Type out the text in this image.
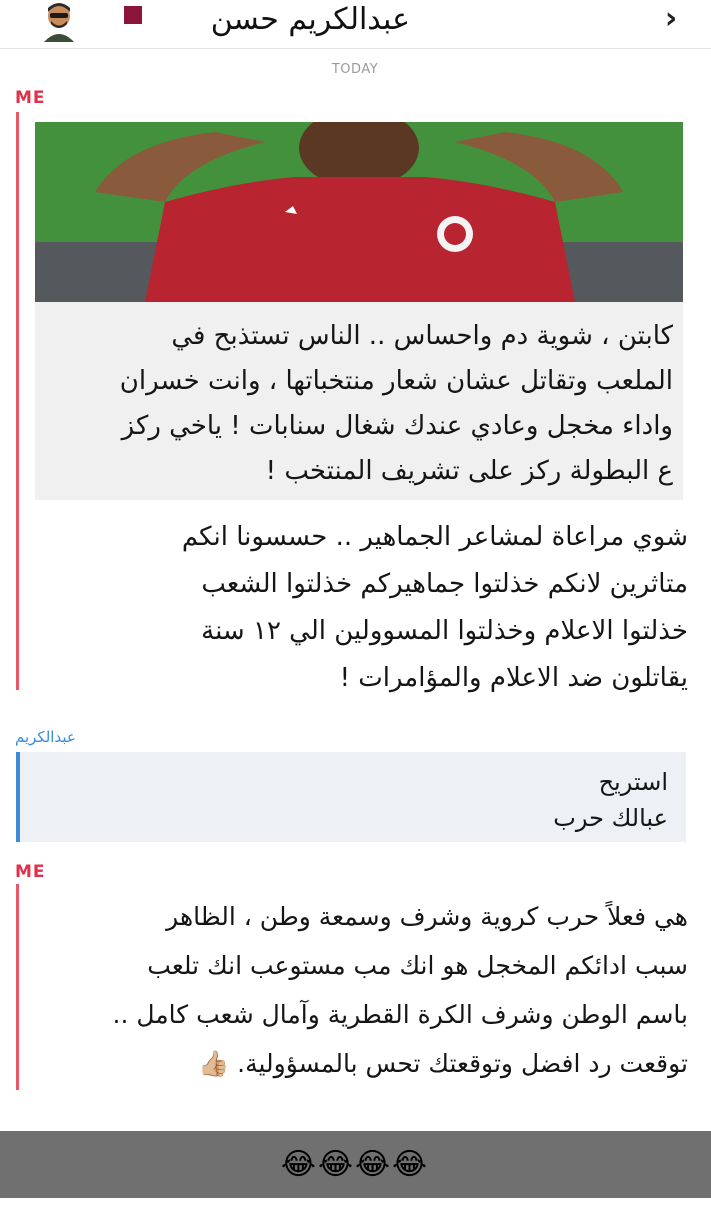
عبدالكريم حسن	›
TODAY
ME
كابتن ، شوية دم واحساس .. الناس تستذبح في
الملعب وتقاتل عشان شعار منتخباتها ، وانت خسران
واداء مخجل وعادي عندك شغال سنابات ! ياخي ركز
ع البطولة ركز على تشريف المنتخب !
شوي مراعاة لمشاعر الجماهير .. حسسونا انكم
متاثرين لانكم خذلتوا جماهيركم خذلتوا الشعب
خذلتوا الاعلام وخذلتوا المسوولين الي ١٢ سنة
يقاتلون ضد الاعلام والمؤامرات !
عبدالكريم
استريح
عبالك حرب
ME
هي فعلاً حرب كروية وشرف وسمعة وطن ، الظاهر
سبب ادائكم المخجل هو انك مب مستوعب انك تلعب
باسم الوطن وشرف الكرة القطرية وآمال شعب كامل ..
توقعت رد افضل وتوقعتك تحس بالمسؤولية. 👍🏼
😂😂😂😂
